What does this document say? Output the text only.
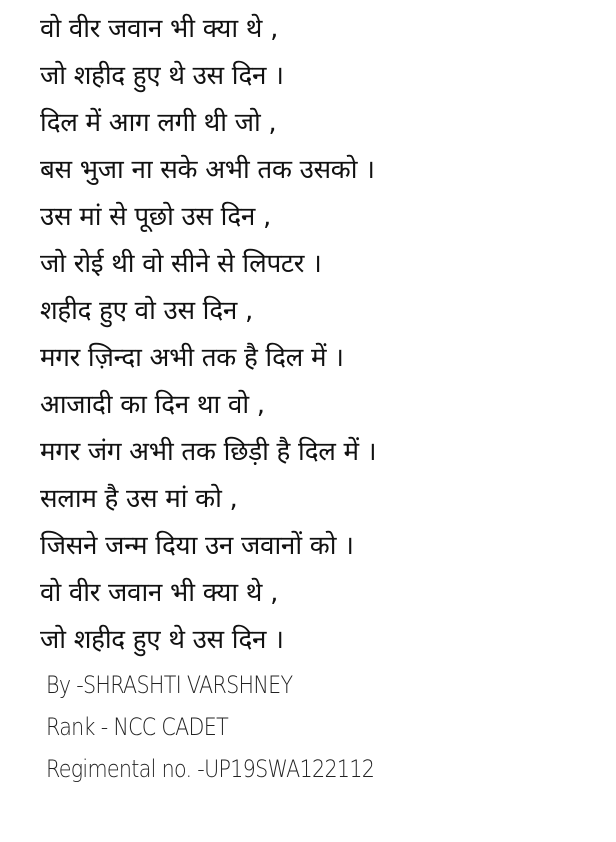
वो वीर जवान भी क्या थे ,
जो शहीद हुए थे उस दिन ।
दिल में आग लगी थी जो ,
बस भुजा ना सके अभी तक उसको ।
उस मां से पूछो उस दिन ,
जो रोई थी वो सीने से लिपटर ।
शहीद हुए वो उस दिन ,
मगर ज़िन्दा अभी तक है दिल में ।
आजादी का दिन था वो ,
मगर जंग अभी तक छिड़ी है दिल में ।
सलाम है उस मां को ,
जिसने जन्म दिया उन जवानों को ।
वो वीर जवान भी क्या थे ,
जो शहीद हुए थे उस दिन ।
By -SHRASHTI VARSHNEY
Rank - NCC CADET
Regimental no. -UP19SWA122112
